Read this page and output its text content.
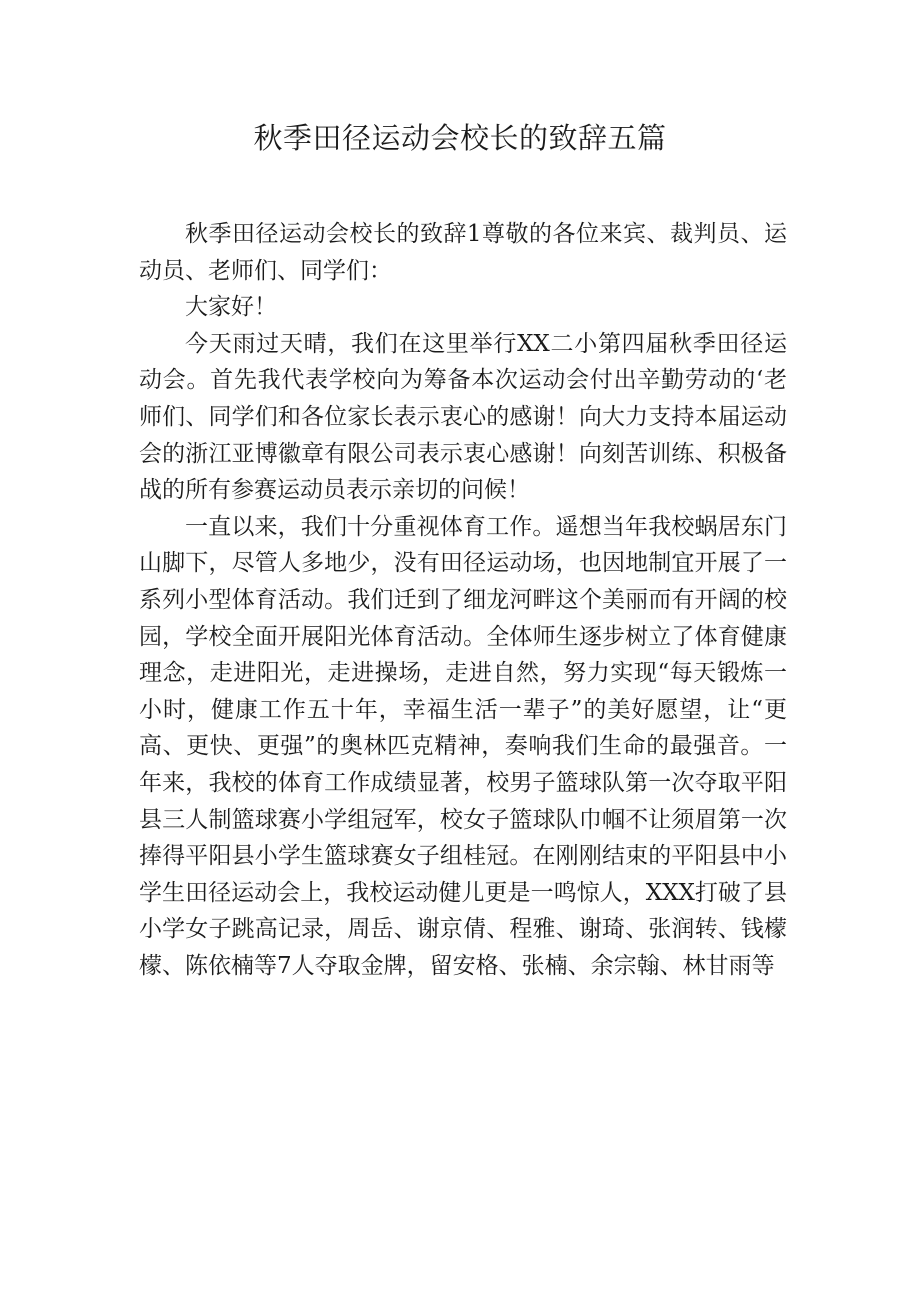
秋季田径运动会校长的致辞五篇

秋季田径运动会校长的致辞1尊敬的各位来宾、裁判员、运动员、老师们、同学们：

大家好！

今天雨过天晴，我们在这里举行XX二小第四届秋季田径运动会。首先我代表学校向为筹备本次运动会付出辛勤劳动的‘老师们、同学们和各位家长表示衷心的感谢！向大力支持本届运动会的浙江亚博徽章有限公司表示衷心感谢！向刻苦训练、积极备战的所有参赛运动员表示亲切的问候！

一直以来，我们十分重视体育工作。遥想当年我校蜗居东门山脚下，尽管人多地少，没有田径运动场，也因地制宜开展了一系列小型体育活动。我们迁到了细龙河畔这个美丽而有开阔的校园，学校全面开展阳光体育活动。全体师生逐步树立了体育健康理念，走进阳光，走进操场，走进自然，努力实现“每天锻炼一小时，健康工作五十年，幸福生活一辈子”的美好愿望，让“更高、更快、更强”的奥林匹克精神，奏响我们生命的最强音。一年来，我校的体育工作成绩显著，校男子篮球队第一次夺取平阳县三人制篮球赛小学组冠军，校女子篮球队巾帼不让须眉第一次捧得平阳县小学生篮球赛女子组桂冠。在刚刚结束的平阳县中小学生田径运动会上，我校运动健儿更是一鸣惊人，XXX打破了县小学女子跳高记录，周岳、谢京倩、程雅、谢琦、张润转、钱檬檬、陈依楠等7人夺取金牌，留安格、张楠、余宗翰、林甘雨等
